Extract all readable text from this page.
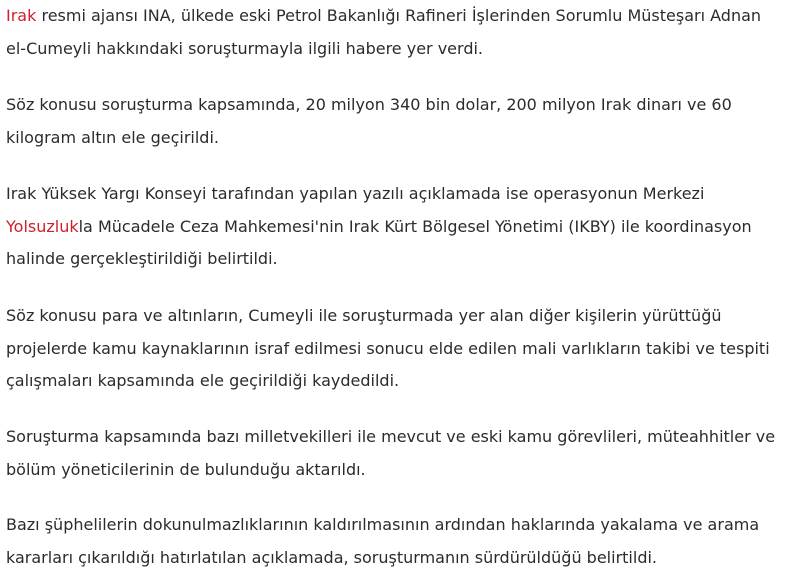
Irak resmi ajansı INA, ülkede eski Petrol Bakanlığı Rafineri İşlerinden Sorumlu Müsteşarı Adnan el-Cumeyli hakkındaki soruşturmayla ilgili habere yer verdi.

Söz konusu soruşturma kapsamında, 20 milyon 340 bin dolar, 200 milyon Irak dinarı ve 60 kilogram altın ele geçirildi.

Irak Yüksek Yargı Konseyi tarafından yapılan yazılı açıklamada ise operasyonun Merkezi Yolsuzlukla Mücadele Ceza Mahkemesi'nin Irak Kürt Bölgesel Yönetimi (IKBY) ile koordinasyon halinde gerçekleştirildiği belirtildi.

Söz konusu para ve altınların, Cumeyli ile soruşturmada yer alan diğer kişilerin yürüttüğü projelerde kamu kaynaklarının israf edilmesi sonucu elde edilen mali varlıkların takibi ve tespiti çalışmaları kapsamında ele geçirildiği kaydedildi.

Soruşturma kapsamında bazı milletvekilleri ile mevcut ve eski kamu görevlileri, müteahhitler ve bölüm yöneticilerinin de bulunduğu aktarıldı.

Bazı şüphelilerin dokunulmazlıklarının kaldırılmasının ardından haklarında yakalama ve arama kararları çıkarıldığı hatırlatılan açıklamada, soruşturmanın sürdürüldüğü belirtildi.
